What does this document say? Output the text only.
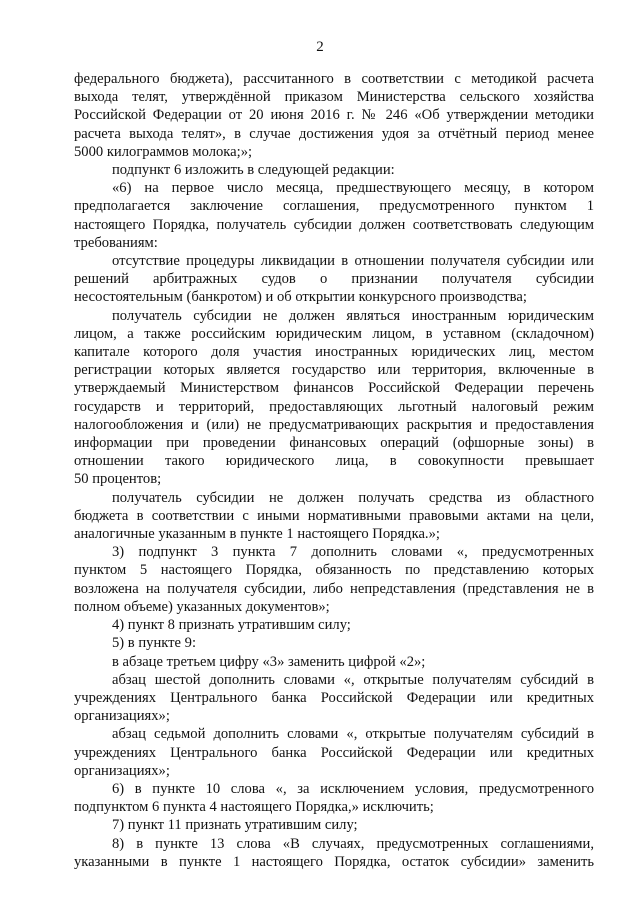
2
федерального бюджета), рассчитанного в соответствии с методикой расчета
выхода телят, утверждённой приказом Министерства сельского хозяйства
Российской Федерации от 20 июня 2016 г. № 246 «Об утверждении методики
расчета выхода телят», в случае достижения удоя за отчётный период менее
5000 килограммов молока;»;
подпункт 6 изложить в следующей редакции:
«6) на первое число месяца, предшествующего месяцу, в котором
предполагается заключение соглашения, предусмотренного пунктом 1
настоящего Порядка, получатель субсидии должен соответствовать следующим
требованиям:
отсутствие процедуры ликвидации в отношении получателя субсидии или
решений арбитражных судов о признании получателя субсидии
несостоятельным (банкротом) и об открытии конкурсного производства;
получатель субсидии не должен являться иностранным юридическим
лицом, а также российским юридическим лицом, в уставном (складочном)
капитале которого доля участия иностранных юридических лиц, местом
регистрации которых является государство или территория, включенные в
утверждаемый Министерством финансов Российской Федерации перечень
государств и территорий, предоставляющих льготный налоговый режим
налогообложения и (или) не предусматривающих раскрытия и предоставления
информации при проведении финансовых операций (офшорные зоны) в
отношении такого юридического лица, в совокупности превышает
50 процентов;
получатель субсидии не должен получать средства из областного
бюджета в соответствии с иными нормативными правовыми актами на цели,
аналогичные указанным в пункте 1 настоящего Порядка.»;
3) подпункт 3 пункта 7 дополнить словами «, предусмотренных
пунктом 5 настоящего Порядка, обязанность по представлению которых
возложена на получателя субсидии, либо непредставления (представления не в
полном объеме) указанных документов»;
4) пункт 8 признать утратившим силу;
5) в пункте 9:
в абзаце третьем цифру «3» заменить цифрой «2»;
абзац шестой дополнить словами «, открытые получателям субсидий в
учреждениях Центрального банка Российской Федерации или кредитных
организациях»;
абзац седьмой дополнить словами «, открытые получателям субсидий в
учреждениях Центрального банка Российской Федерации или кредитных
организациях»;
6) в пункте 10 слова «, за исключением условия, предусмотренного
подпунктом 6 пункта 4 настоящего Порядка,» исключить;
7) пункт 11 признать утратившим силу;
8) в пункте 13 слова «В случаях, предусмотренных соглашениями,
указанными в пункте 1 настоящего Порядка, остаток субсидии» заменить
